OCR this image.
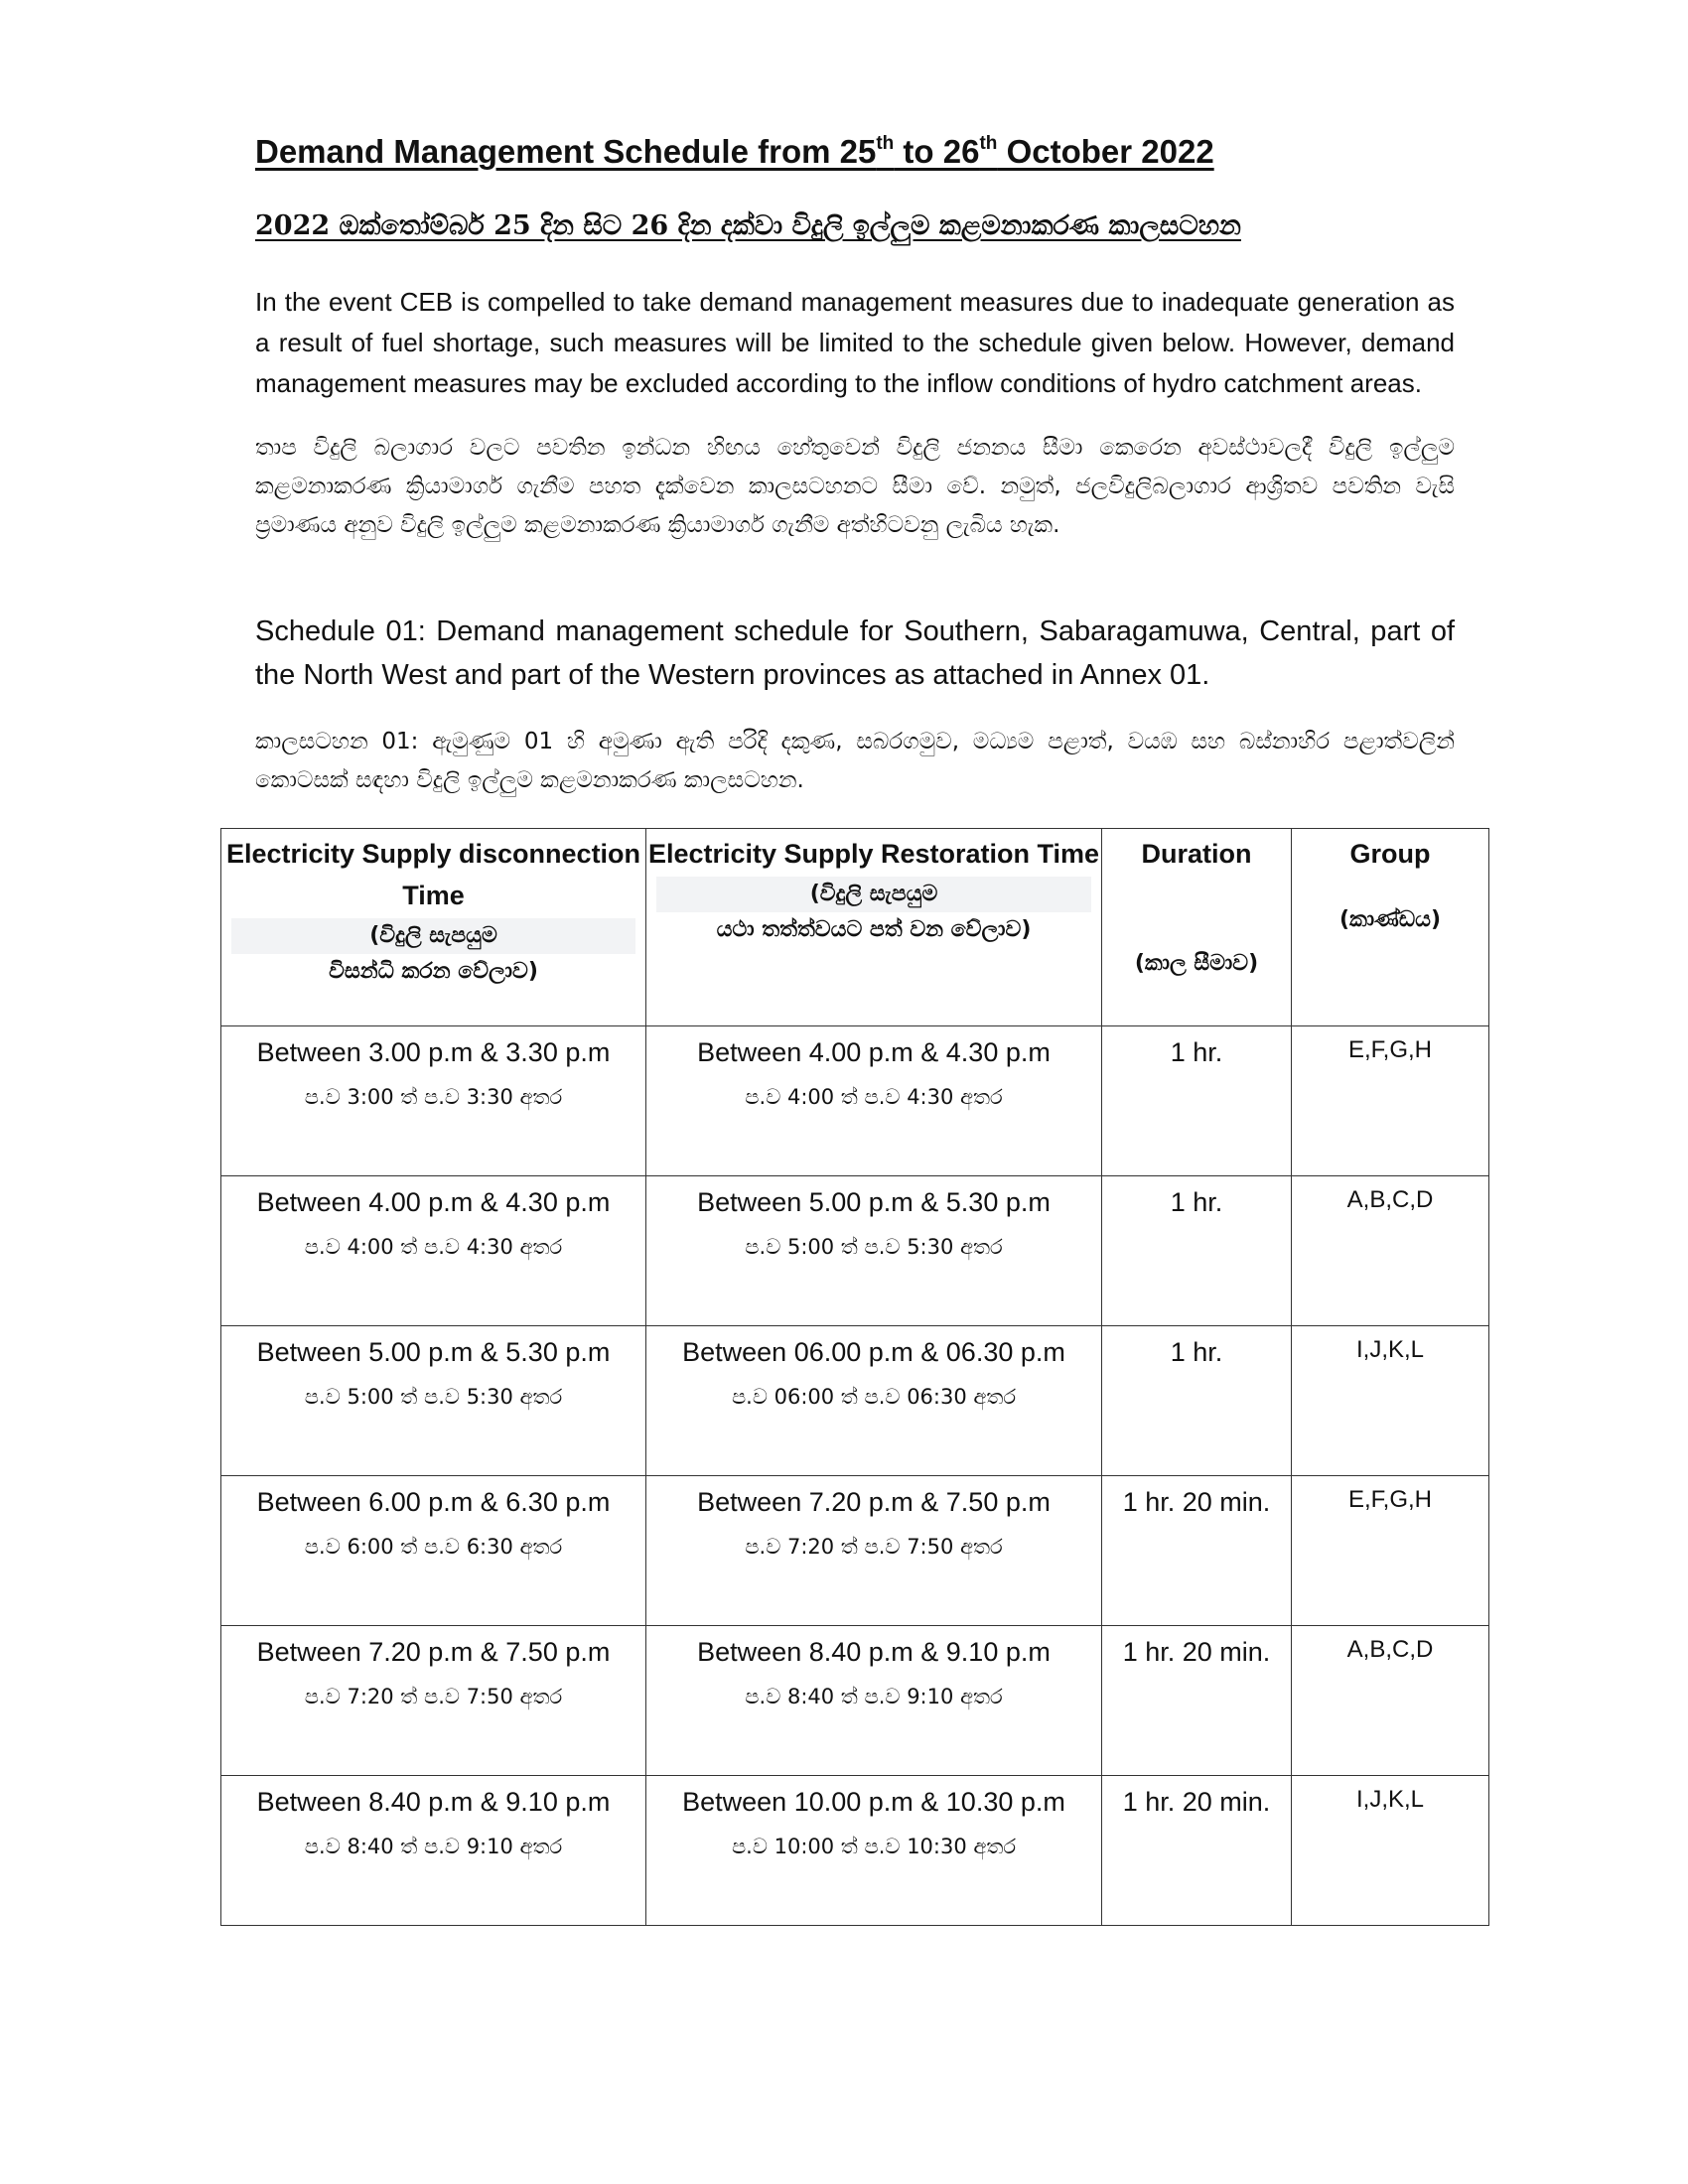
Demand Management Schedule from 25th to 26th October 2022
2022 ඔක්තෝම්බර් 25 දින සිට 26 දින දක්වා විදුලි ඉල්ලුම කළමනාකරණ කාලසටහන
In the event CEB is compelled to take demand management measures due to inadequate generation as a result of fuel shortage, such measures will be limited to the schedule given below. However, demand management measures may be excluded according to the inflow conditions of hydro catchment areas.
තාප විදුලි බලාගාර වලට පවතින ඉන්ධන හිඟය හේතුවෙන් විදුලි ජනනය සීමා කෙරෙන අවස්ථාවලදී විදුලි ඉල්ලුම කළමනාකරණ ක්‍රියාමාර්ග ගැනීම පහත දැක්වෙන කාලසටහනට සීමා වේ. නමුත්, ජලවිදුලිබලාගාර ආශ්‍රිතව පවතින වැසි ප්‍රමාණය අනුව විදුලි ඉල්ලුම කළමනාකරණ ක්‍රියාමාර්ග ගැනීම අත්හිටවනු ලැබිය හැක.
Schedule 01: Demand management schedule for Southern, Sabaragamuwa, Central, part of the North West and part of the Western provinces as attached in Annex 01.
කාලසටහන 01: ඇමුණුම 01 හි අමුණා ඇති පරිදි දකුණ, සබරගමුව, මධ්‍යම පළාත්, වයඹ සහ බස්නාහිර පළාත්වලින් කොටසක් සඳහා විදුලි ඉල්ලුම කළමනාකරණ කාලසටහන.
Electricity Supply disconnection Time
(විදුලි සැපයුම
විසන්ධි කරන වේලාව)	Electricity Supply Restoration Time
(විදුලි සැපයුම
යථා තත්ත්වයට පත් වන වේලාව)	Duration
(කාල සීමාව)	Group
(කාණ්ඩය)

Between 3.00 p.m & 3.30 p.m
ප.ව 3:00 ත් ප.ව 3:30 අතර	Between 4.00 p.m & 4.30 p.m
ප.ව 4:00 ත් ප.ව 4:30 අතර	1 hr.	E,F,G,H

Between 4.00 p.m & 4.30 p.m
ප.ව 4:00 ත් ප.ව 4:30 අතර	Between 5.00 p.m & 5.30 p.m
ප.ව 5:00 ත් ප.ව 5:30 අතර	1 hr.	A,B,C,D

Between 5.00 p.m & 5.30 p.m
ප.ව 5:00 ත් ප.ව 5:30 අතර	Between 06.00 p.m & 06.30 p.m
ප.ව 06:00 ත් ප.ව 06:30 අතර	1 hr.	I,J,K,L

Between 6.00 p.m & 6.30 p.m
ප.ව 6:00 ත් ප.ව 6:30 අතර	Between 7.20 p.m & 7.50 p.m
ප.ව 7:20 ත් ප.ව 7:50 අතර	1 hr. 20 min.	E,F,G,H

Between 7.20 p.m & 7.50 p.m
ප.ව 7:20 ත් ප.ව 7:50 අතර	Between 8.40 p.m & 9.10 p.m
ප.ව 8:40 ත් ප.ව 9:10 අතර	1 hr. 20 min.	A,B,C,D

Between 8.40 p.m & 9.10 p.m
ප.ව 8:40 ත් ප.ව 9:10 අතර	Between 10.00 p.m & 10.30 p.m
ප.ව 10:00 ත් ප.ව 10:30 අතර	1 hr. 20 min.	I,J,K,L
